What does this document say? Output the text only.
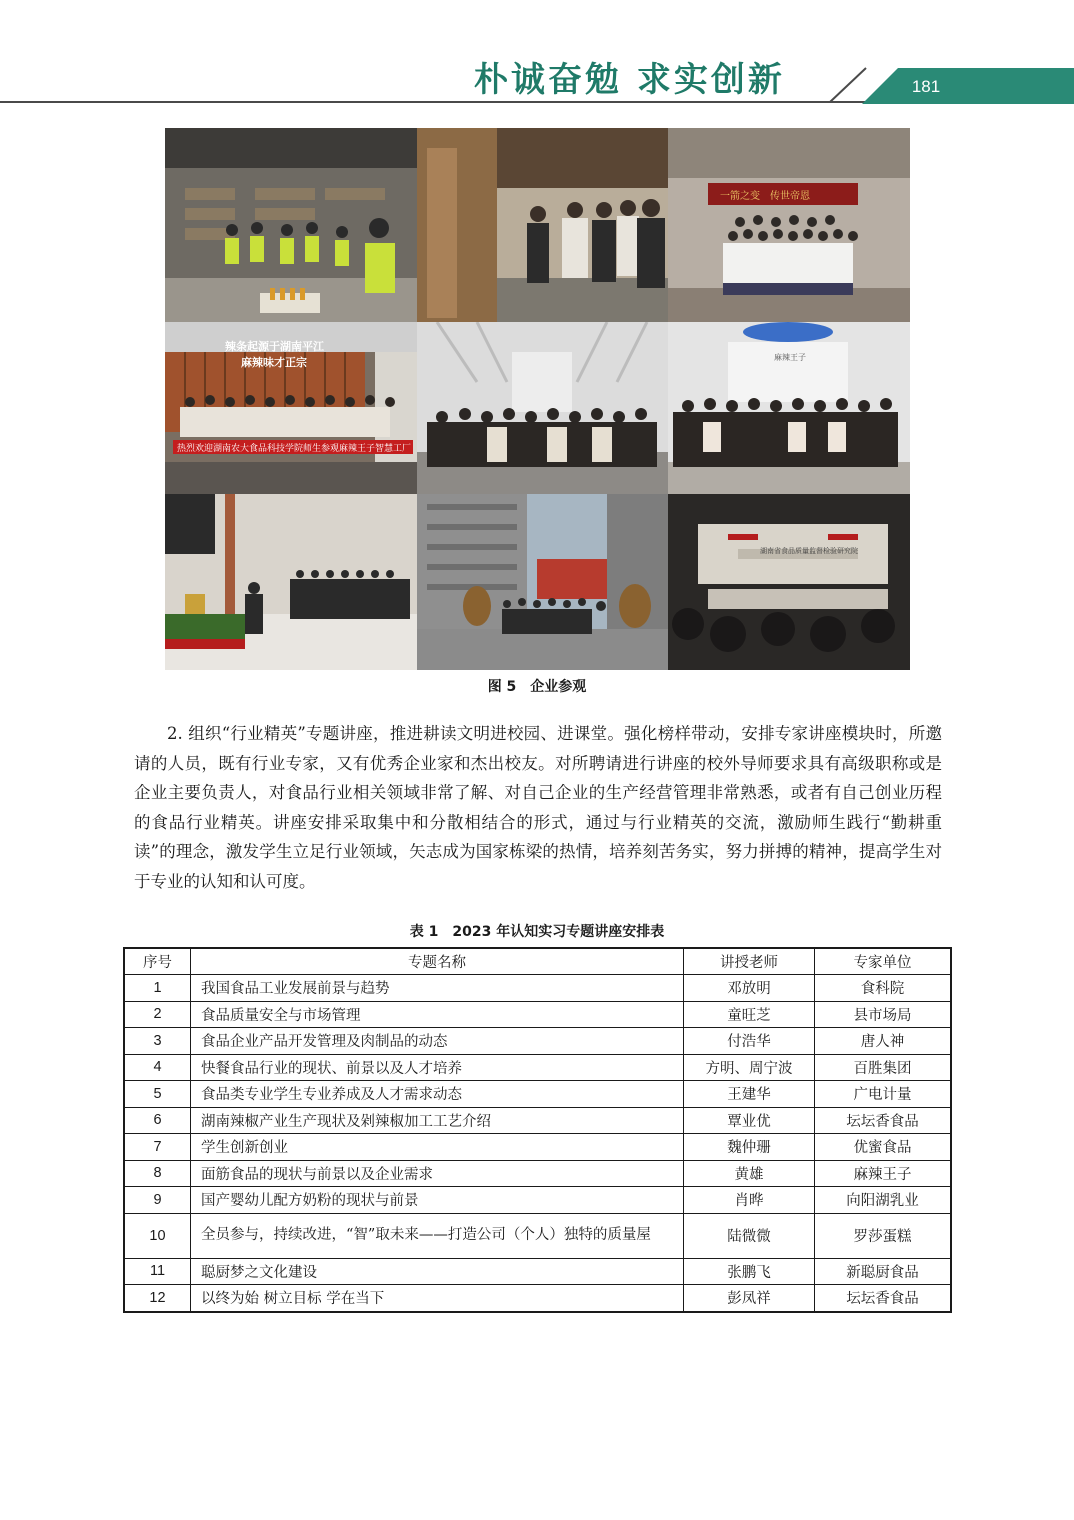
朴诚奋勉 求实创新	181
一箭之变　传世帝恩
辣条起源于湖南平江
麻辣味才正宗
热烈欢迎湖南农大食品科技学院师生参观麻辣王子智慧工厂
麻辣王子
湖南省食品质量监督检验研究院
图 5　企业参观
2. 组织“行业精英”专题讲座，推进耕读文明进校园、进课堂。强化榜样带动，安排专家讲座模块时，所邀请的人员，既有行业专家，又有优秀企业家和杰出校友。对所聘请进行讲座的校外导师要求具有高级职称或是企业主要负责人，对食品行业相关领域非常了解、对自己企业的生产经营管理非常熟悉，或者有自己创业历程的食品行业精英。讲座安排采取集中和分散相结合的形式，通过与行业精英的交流，激励师生践行“勤耕重读”的理念，激发学生立足行业领域，矢志成为国家栋梁的热情，培养刻苦务实，努力拼搏的精神，提高学生对于专业的认知和认可度。
表 1　2023 年认知实习专题讲座安排表
序号	专题名称	讲授老师	专家单位
1	我国食品工业发展前景与趋势	邓放明	食科院
2	食品质量安全与市场管理	童旺芝	县市场局
3	食品企业产品开发管理及肉制品的动态	付浩华	唐人神
4	快餐食品行业的现状、前景以及人才培养	方明、周宁波	百胜集团
5	食品类专业学生专业养成及人才需求动态	王建华	广电计量
6	湖南辣椒产业生产现状及剁辣椒加工工艺介绍	覃业优	坛坛香食品
7	学生创新创业	魏仲珊	优蜜食品
8	面筋食品的现状与前景以及企业需求	黄雄	麻辣王子
9	国产婴幼儿配方奶粉的现状与前景	肖晔	向阳湖乳业
10	全员参与，持续改进，“智”取未来——打造公司（个人）独特的质量屋	陆微微	罗莎蛋糕
11	聪厨梦之文化建设	张鹏飞	新聪厨食品
12	以终为始 树立目标 学在当下	彭凤祥	坛坛香食品
